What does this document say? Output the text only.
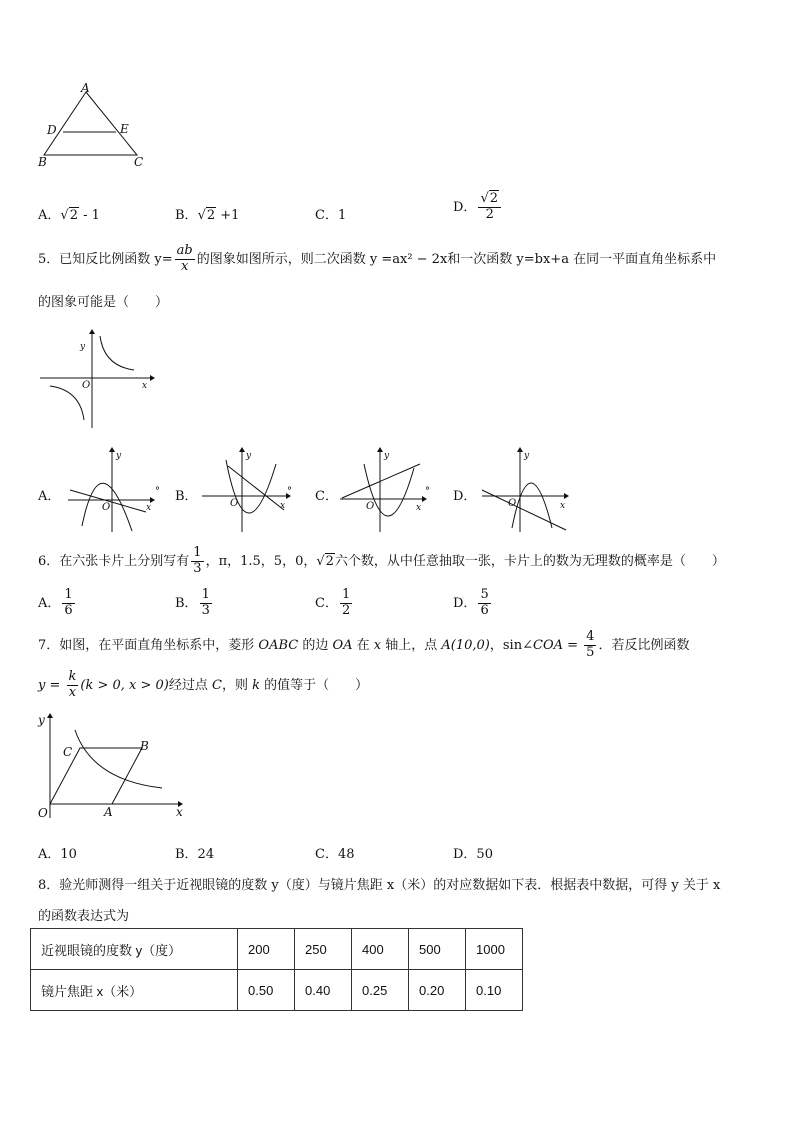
A
D	E
B	C
A．√2 - 1	B．√2 +1	C．1
D． $\frac{√2}{2}$
5．已知反比例函数 $y= \frac{ab}{x}$ 的图象如图所示，则二次函数 y =ax² − 2x和一次函数 y=bx+a 在同一平面直角坐标系中
的图象可能是（　　）
y
x
O
A．
y
x
O
° B．
y
x
O
° C．
y
x
O
° D．
y
x
O
6．在六张卡片上分别写有 $\frac{1}{3}$ ，π，1.5，5，0，√2六个数，从中任意抽取一张，卡片上的数为无理数的概率是（　　）
A． $\frac{1}{6}$	B． $\frac{1}{3}$	C． $\frac{1}{2}$	D． $\frac{5}{6}$
7．如图，在平面直角坐标系中，菱形 OABC 的边 OA 在 x 轴上，点 A(10,0)，sin∠COA = $\frac{4}{5}$ ．若反比例函数
$y = \frac{k}{x} (k > 0$, x > 0)经过点 C，则 k 的值等于（　　）
y
x
O	A
B
C
A．10	B．24	C．48	D．50
8．验光师测得一组关于近视眼镜的度数 y（度）与镜片焦距 x（米）的对应数据如下表．根据表中数据，可得 y 关于 x
的函数表达式为
近视眼镜的度数 y（度）	200	250	400	500	1000
镜片焦距 x（米）	0.50	0.40	0.25	0.20	0.10
